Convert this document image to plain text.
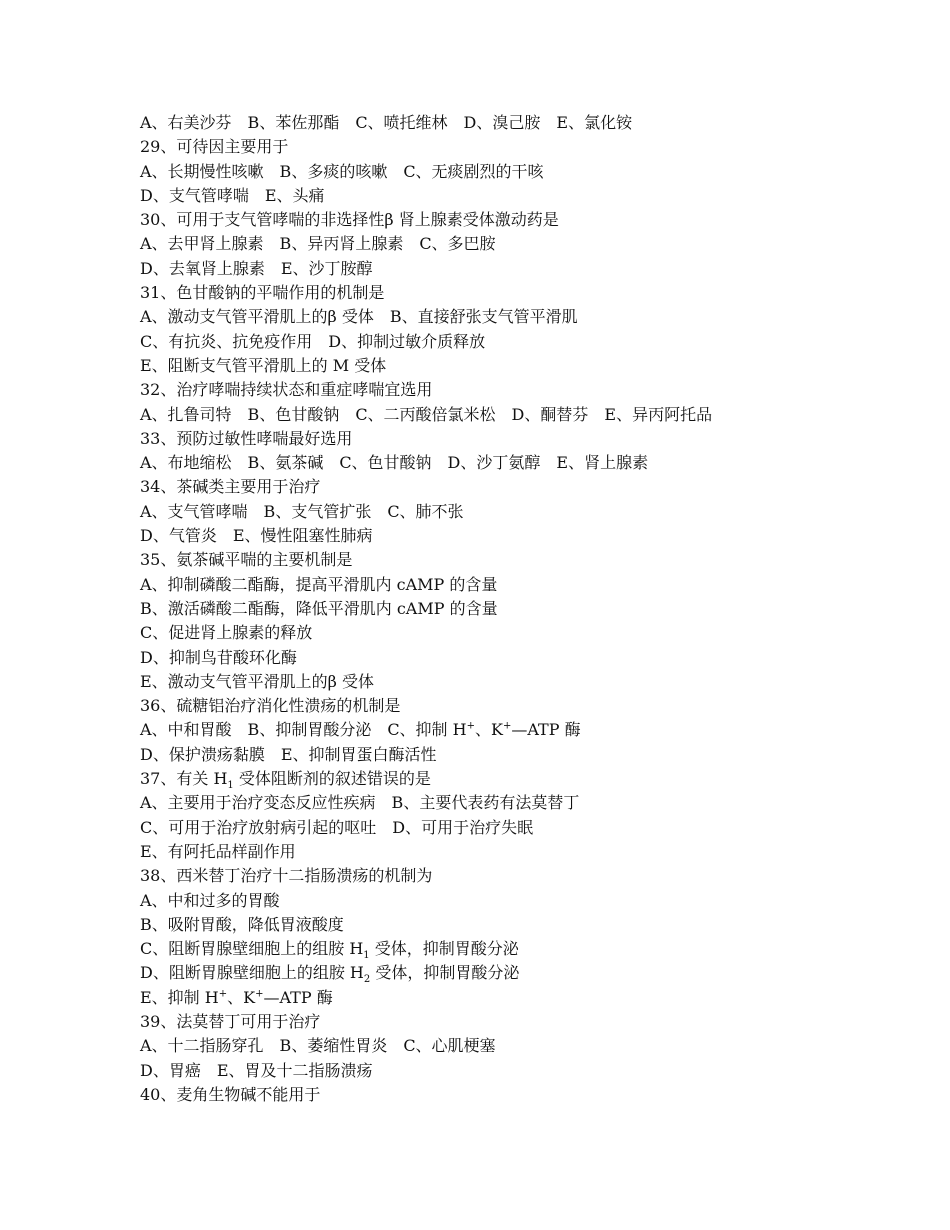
A、右美沙芬　B、苯佐那酯　C、喷托维林　D、溴己胺　E、氯化铵
29、可待因主要用于
A、长期慢性咳嗽　B、多痰的咳嗽　C、无痰剧烈的干咳
D、支气管哮喘　E、头痛
30、可用于支气管哮喘的非选择性β 肾上腺素受体激动药是
A、去甲肾上腺素　B、异丙肾上腺素　C、多巴胺
D、去氧肾上腺素　E、沙丁胺醇
31、色甘酸钠的平喘作用的机制是
A、激动支气管平滑肌上的β 受体　B、直接舒张支气管平滑肌
C、有抗炎、抗免疫作用　D、抑制过敏介质释放
E、阻断支气管平滑肌上的 M 受体
32、治疗哮喘持续状态和重症哮喘宜选用
A、扎鲁司特　B、色甘酸钠　C、二丙酸倍氯米松　D、酮替芬　E、异丙阿托品
33、预防过敏性哮喘最好选用
A、布地缩松　B、氨茶碱　C、色甘酸钠　D、沙丁氨醇　E、肾上腺素
34、茶碱类主要用于治疗
A、支气管哮喘　B、支气管扩张　C、肺不张
D、气管炎　E、慢性阻塞性肺病
35、氨茶碱平喘的主要机制是
A、抑制磷酸二酯酶，提高平滑肌内 cAMP 的含量
B、激活磷酸二酯酶，降低平滑肌内 cAMP 的含量
C、促进肾上腺素的释放
D、抑制鸟苷酸环化酶
E、激动支气管平滑肌上的β 受体
36、硫糖铝治疗消化性溃疡的机制是
A、中和胃酸　B、抑制胃酸分泌　C、抑制 H+、K+—ATP 酶
D、保护溃疡黏膜　E、抑制胃蛋白酶活性
37、有关 $H_1$ 受体阻断剂的叙述错误的是
A、主要用于治疗变态反应性疾病　B、主要代表药有法莫替丁
C、可用于治疗放射病引起的呕吐　D、可用于治疗失眠
E、有阿托品样副作用
38、西米替丁治疗十二指肠溃疡的机制为
A、中和过多的胃酸
B、吸附胃酸，降低胃液酸度
C、阻断胃腺壁细胞上的组胺 $H_1$ 受体，抑制胃酸分泌
D、阻断胃腺壁细胞上的组胺 $H_2$ 受体，抑制胃酸分泌
E、抑制 H+、K+—ATP 酶
39、法莫替丁可用于治疗
A、十二指肠穿孔　B、萎缩性胃炎　C、心肌梗塞
D、胃癌　E、胃及十二指肠溃疡
40、麦角生物碱不能用于
